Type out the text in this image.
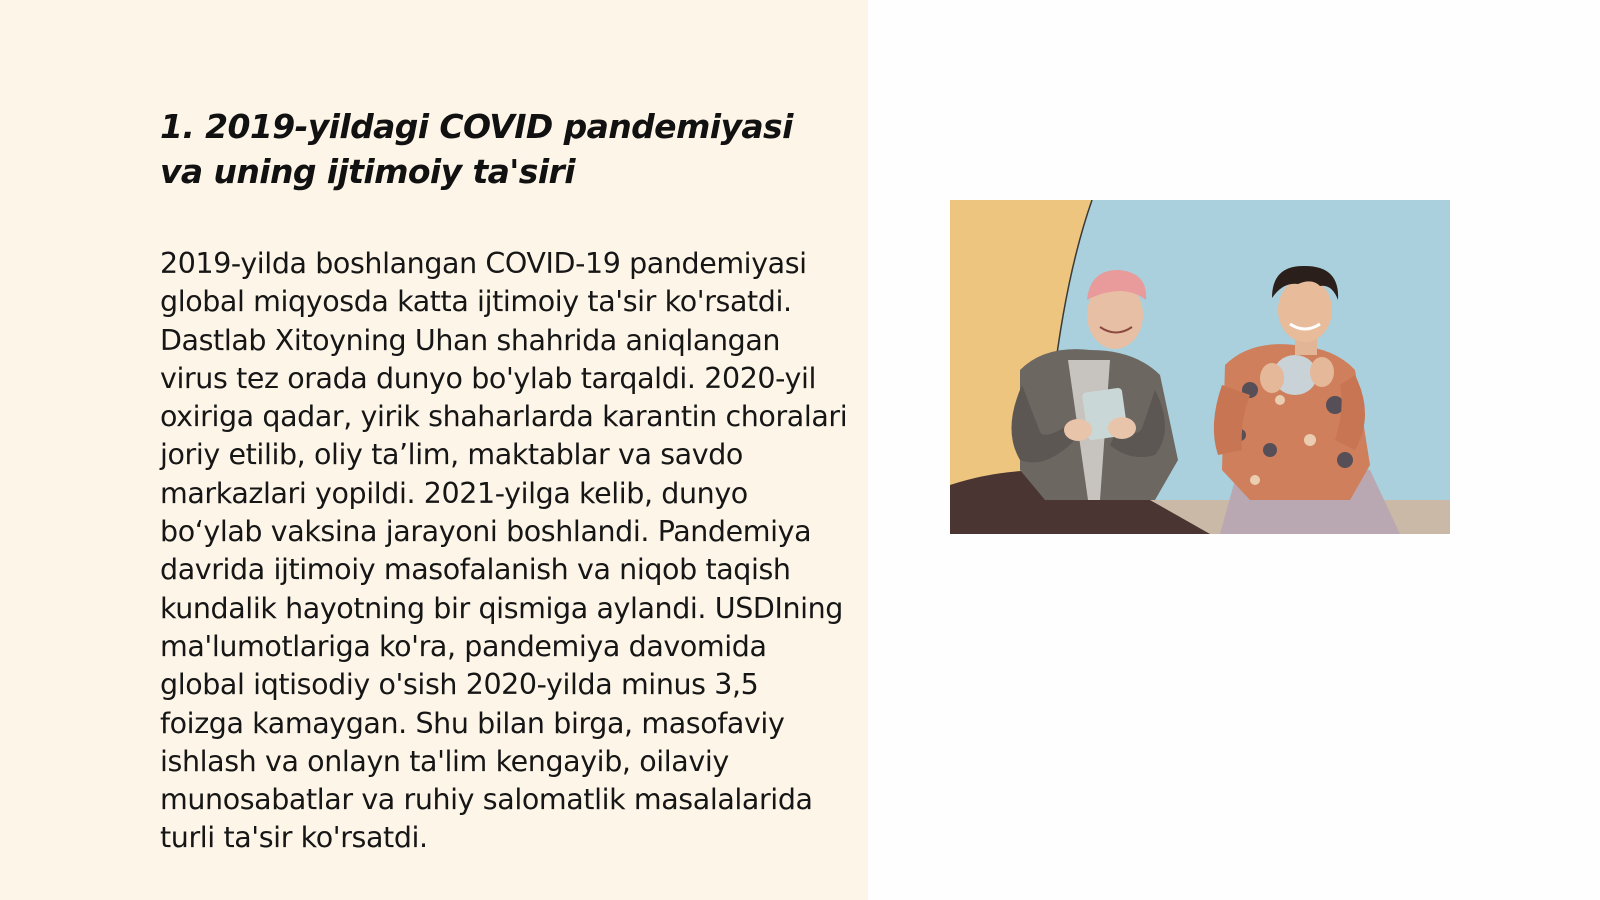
1. 2019-yildagi COVID pandemiyasi va uning ijtimoiy ta'siri

2019-yilda boshlangan COVID-19 pandemiyasi global miqyosda katta ijtimoiy ta'sir ko'rsatdi. Dastlab Xitoyning Uhan shahrida aniqlangan virus tez orada dunyo bo'ylab tarqaldi. 2020-yil oxiriga qadar, yirik shaharlarda karantin choralari joriy etilib, oliy ta’lim, maktablar va savdo markazlari yopildi. 2021-yilga kelib, dunyo bo‘ylab vaksina jarayoni boshlandi. Pandemiya davrida ijtimoiy masofalanish va niqob taqish kundalik hayotning bir qismiga aylandi. USDIning ma'lumotlariga ko'ra, pandemiya davomida global iqtisodiy o'sish 2020-yilda minus 3,5 foizga kamaygan. Shu bilan birga, masofaviy ishlash va onlayn ta'lim kengayib, oilaviy munosabatlar va ruhiy salomatlik masalalarida turli ta'sir ko'rsatdi.
